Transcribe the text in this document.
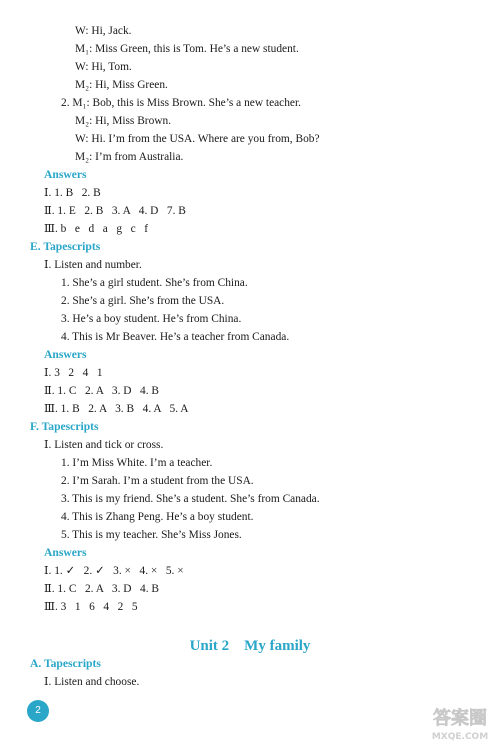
W: Hi, Jack.
M₁: Miss Green, this is Tom. He’s a new student.
W: Hi, Tom.
M₂: Hi, Miss Green.
2. M₁: Bob, this is Miss Brown. She’s a new teacher.
M₂: Hi, Miss Brown.
W: Hi. I’m from the USA. Where are you from, Bob?
M₂: I’m from Australia.
Answers
Ⅰ. 1. B   2. B
Ⅱ. 1. E   2. B   3. A   4. D   7. B
Ⅲ. b   e   d   a   g   c   f
E. Tapescripts
Ⅰ. Listen and number.
1. She’s a girl student. She’s from China.
2. She’s a girl. She’s from the USA.
3. He’s a boy student. He’s from China.
4. This is Mr Beaver. He’s a teacher from Canada.
Answers
Ⅰ. 3   2   4   1
Ⅱ. 1. C   2. A   3. D   4. B
Ⅲ. 1. B   2. A   3. B   4. A   5. A
F. Tapescripts
Ⅰ. Listen and tick or cross.
1. I’m Miss White. I’m a teacher.
2. I’m Sarah. I’m a student from the USA.
3. This is my friend. She’s a student. She’s from Canada.
4. This is Zhang Peng. He’s a boy student.
5. This is my teacher. She’s Miss Jones.
Answers
Ⅰ. 1. ✓   2. ✓   3. ×   4. ×   5. ×
Ⅱ. 1. C   2. A   3. D   4. B
Ⅲ. 3   1   6   4   2   5
Unit 2    My family
A. Tapescripts
Ⅰ. Listen and choose.
2	答案圈
MXQE.COM
